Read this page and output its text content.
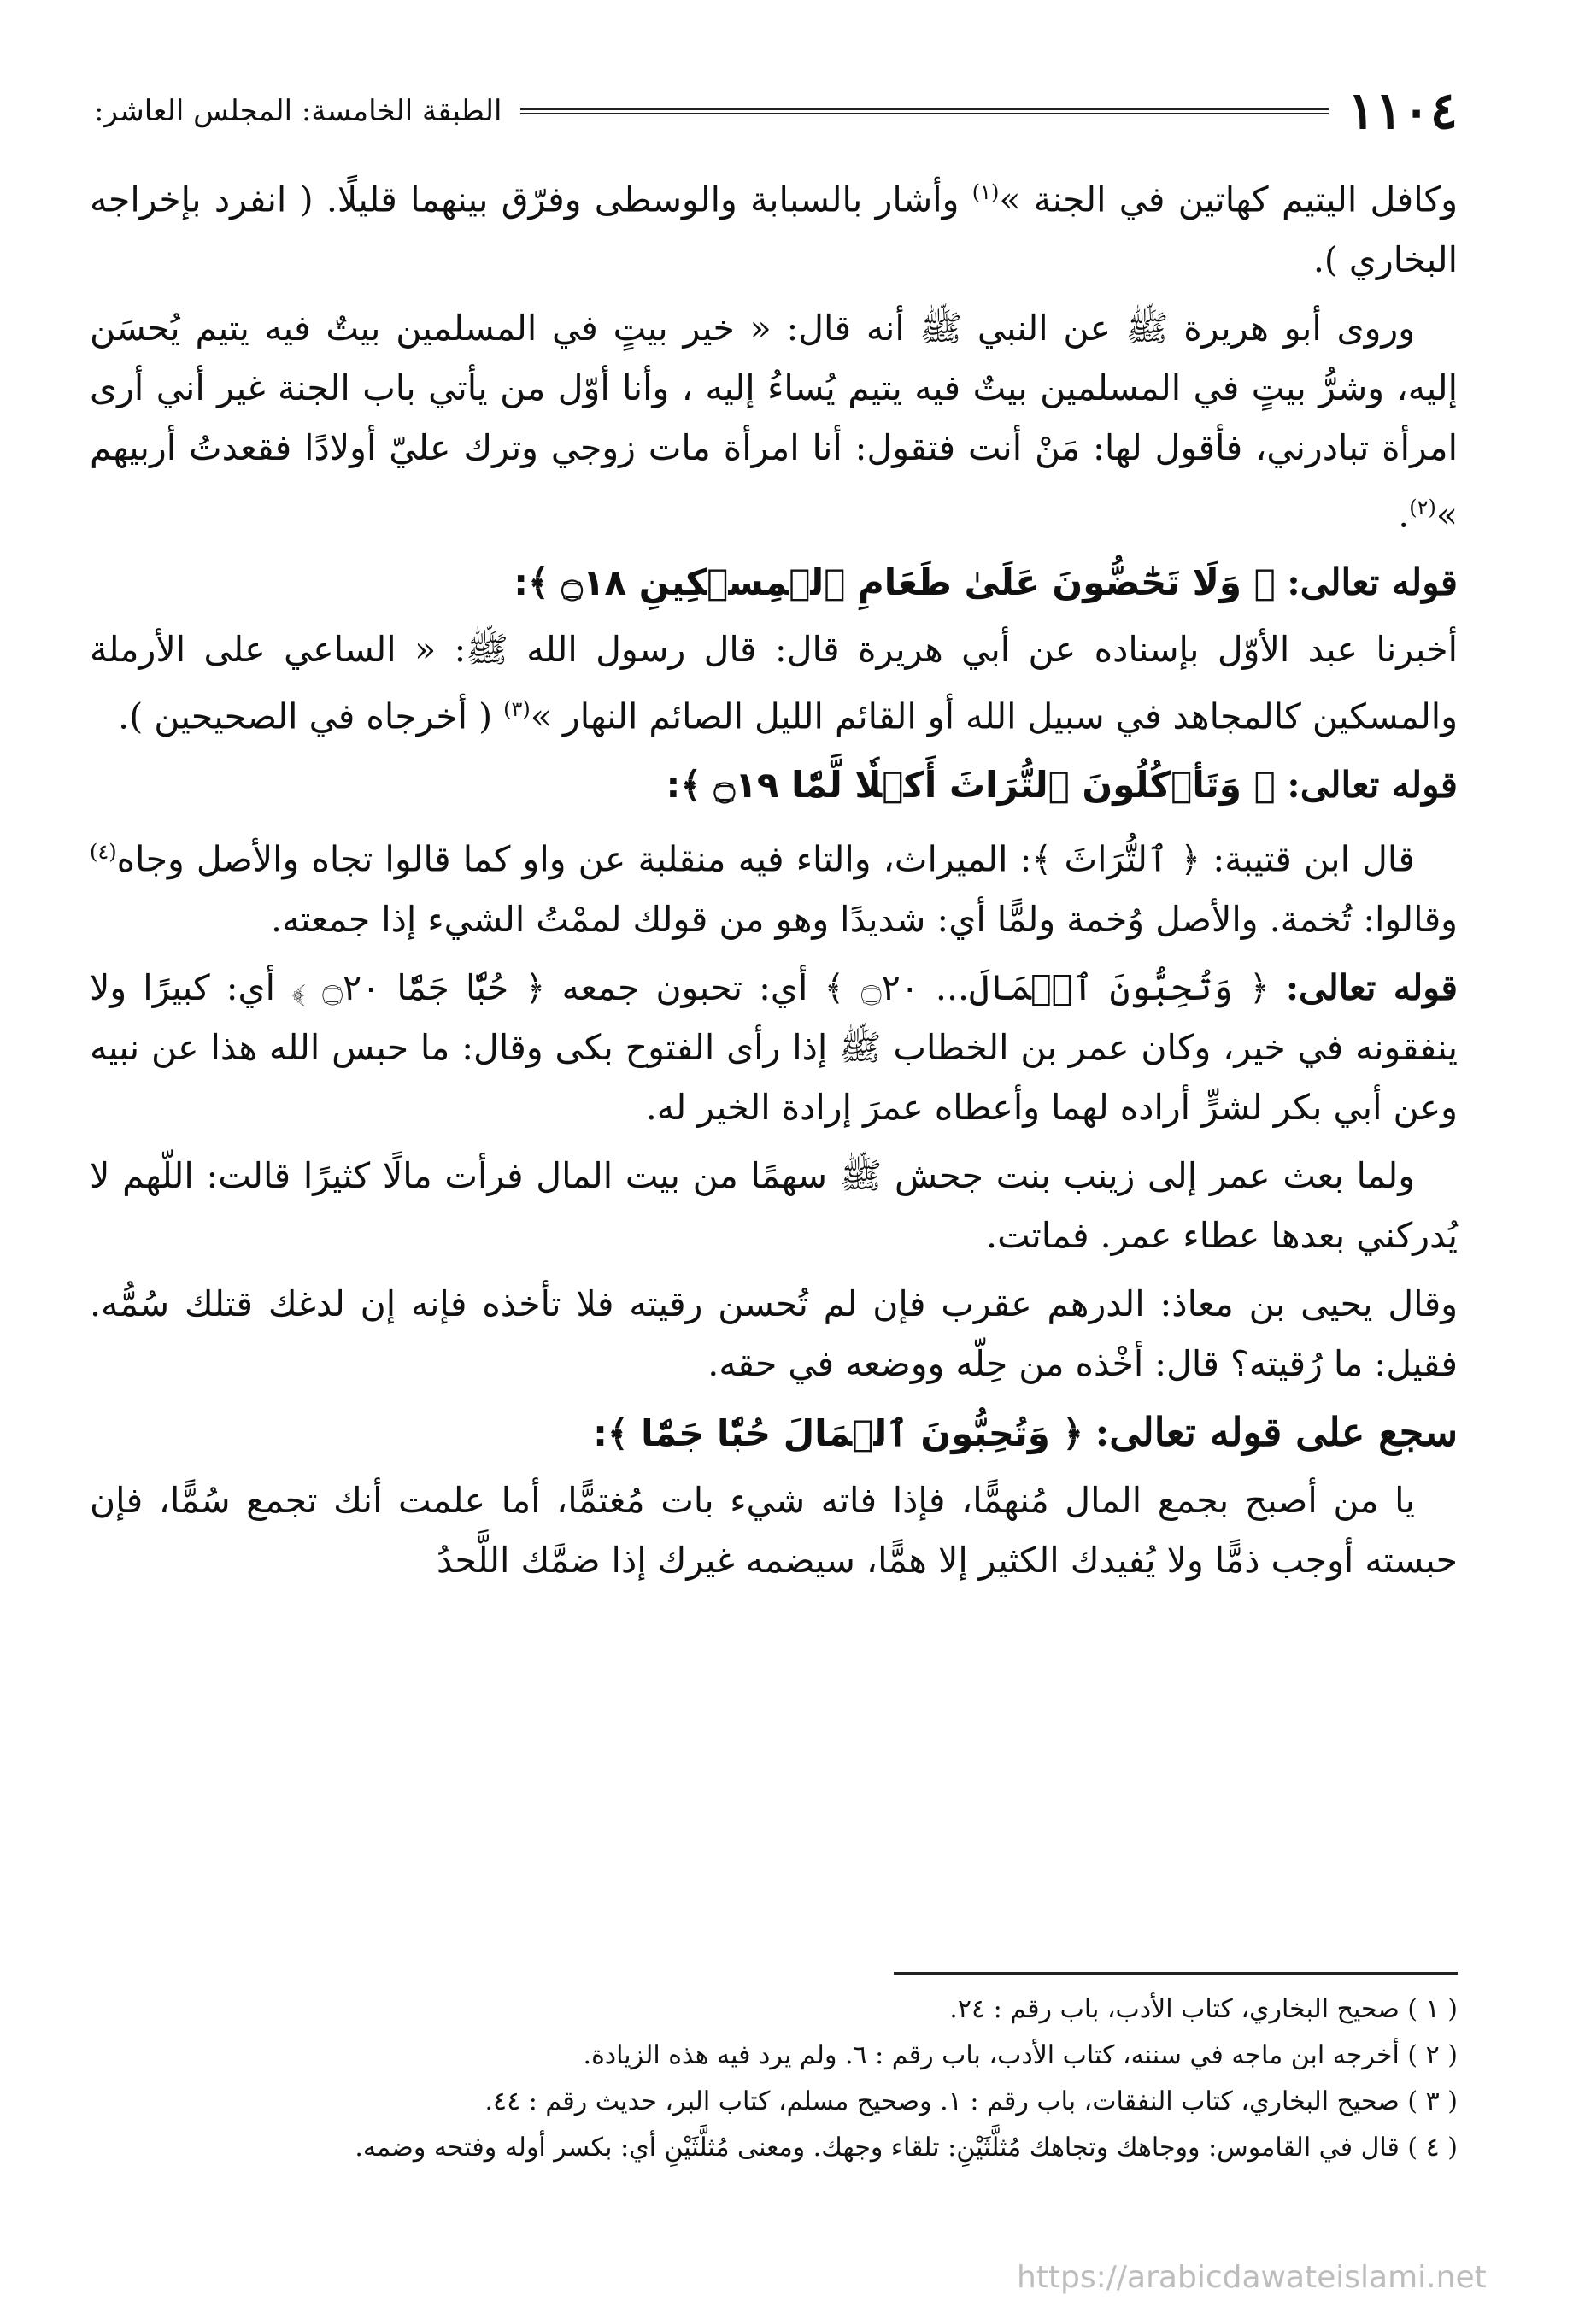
١١٠٤
الطبقة الخامسة: المجلس العاشر:

وكافل اليتيم كهاتين في الجنة »$^{(١)}$ وأشار بالسبابة والوسطى وفرّق بينهما قليلًا. ( انفرد بإخراجه البخاري ).

وروى أبو هريرة ﷺ عن النبي ﷺ أنه قال: « خير بيتٍ في المسلمين بيتٌ فيه يتيم يُحسَن إليه، وشرُّ بيتٍ في المسلمين بيتٌ فيه يتيم يُساءُ إليه ، وأنا أوّل من يأتي باب الجنة غير أني أرى امرأة تبادرني، فأقول لها: مَنْ أنت فتقول: أنا امرأة مات زوجي وترك عليّ أولادًا فقعدتُ أربيهم »$^{(٢)}$.

قوله تعالى: ﴿ وَلَا تَحَٰٓضُّونَ عَلَىٰ طَعَامِ ٱلۡمِسۡكِينِ ۝١٨ ﴾:

أخبرنا عبد الأوّل بإسناده عن أبي هريرة قال: قال رسول الله ﷺ: « الساعي على الأرملة والمسكين كالمجاهد في سبيل الله أو القائم الليل الصائم النهار »$^{(٣)}$ ( أخرجاه في الصحيحين ).

قوله تعالى: ﴿ وَتَأۡكُلُونَ ٱلتُّرَاثَ أَكۡلٗا لَّمّٗا ۝١٩ ﴾:

قال ابن قتيبة: ﴿ ٱلتُّرَاثَ ﴾: الميراث، والتاء فيه منقلبة عن واو كما قالوا تجاه والأصل وجاه$^{(٤)}$ وقالوا: تُخمة. والأصل وُخمة ولمًّا أي: شديدًا وهو من قولك لممْتُ الشيء إذا جمعته.

قوله تعالى: ﴿ وَتُحِبُّونَ ٱلۡمَالَ... ۝٢٠ ﴾ أي: تحبون جمعه ﴿ حُبّٗا جَمّٗا ۝٢٠ ﴾ أي: كبيرًا ولا ينفقونه في خير، وكان عمر بن الخطاب ﷺ إذا رأى الفتوح بكى وقال: ما حبس الله هذا عن نبيه وعن أبي بكر لشرٍّ أراده لهما وأعطاه عمرَ إرادة الخير له.

ولما بعث عمر إلى زينب بنت جحش ﷺ سهمًا من بيت المال فرأت مالًا كثيرًا قالت: اللّهم لا يُدركني بعدها عطاء عمر. فماتت.

وقال يحيى بن معاذ: الدرهم عقرب فإن لم تُحسن رقيته فلا تأخذه فإنه إن لدغك قتلك سُمُّه. فقيل: ما رُقيته؟ قال: أخْذه من حِلّه ووضعه في حقه.

سجع على قوله تعالى: ﴿ وَتُحِبُّونَ ٱلۡمَالَ حُبّٗا جَمّٗا ﴾:

يا من أصبح بجمع المال مُنهمًّا، فإذا فاته شيء بات مُغتمًّا، أما علمت أنك تجمع سُمًّا، فإن حبسته أوجب ذمًّا ولا يُفيدك الكثير إلا همًّا، سيضمه غيرك إذا ضمَّك اللَّحدُ

( ١ ) صحيح البخاري، كتاب الأدب، باب رقم : ٢٤.

( ٢ ) أخرجه ابن ماجه في سننه، كتاب الأدب، باب رقم : ٦. ولم يرد فيه هذه الزيادة.

( ٣ ) صحيح البخاري، كتاب النفقات، باب رقم : ١. وصحيح مسلم، كتاب البر، حديث رقم : ٤٤.

( ٤ ) قال في القاموس: ووجاهك وتجاهك مُثلَّثَيْنِ: تلقاء وجهك. ومعنى مُثلَّثَيْنِ أي: بكسر أوله وفتحه وضمه.

https://arabicdawateislami.net
